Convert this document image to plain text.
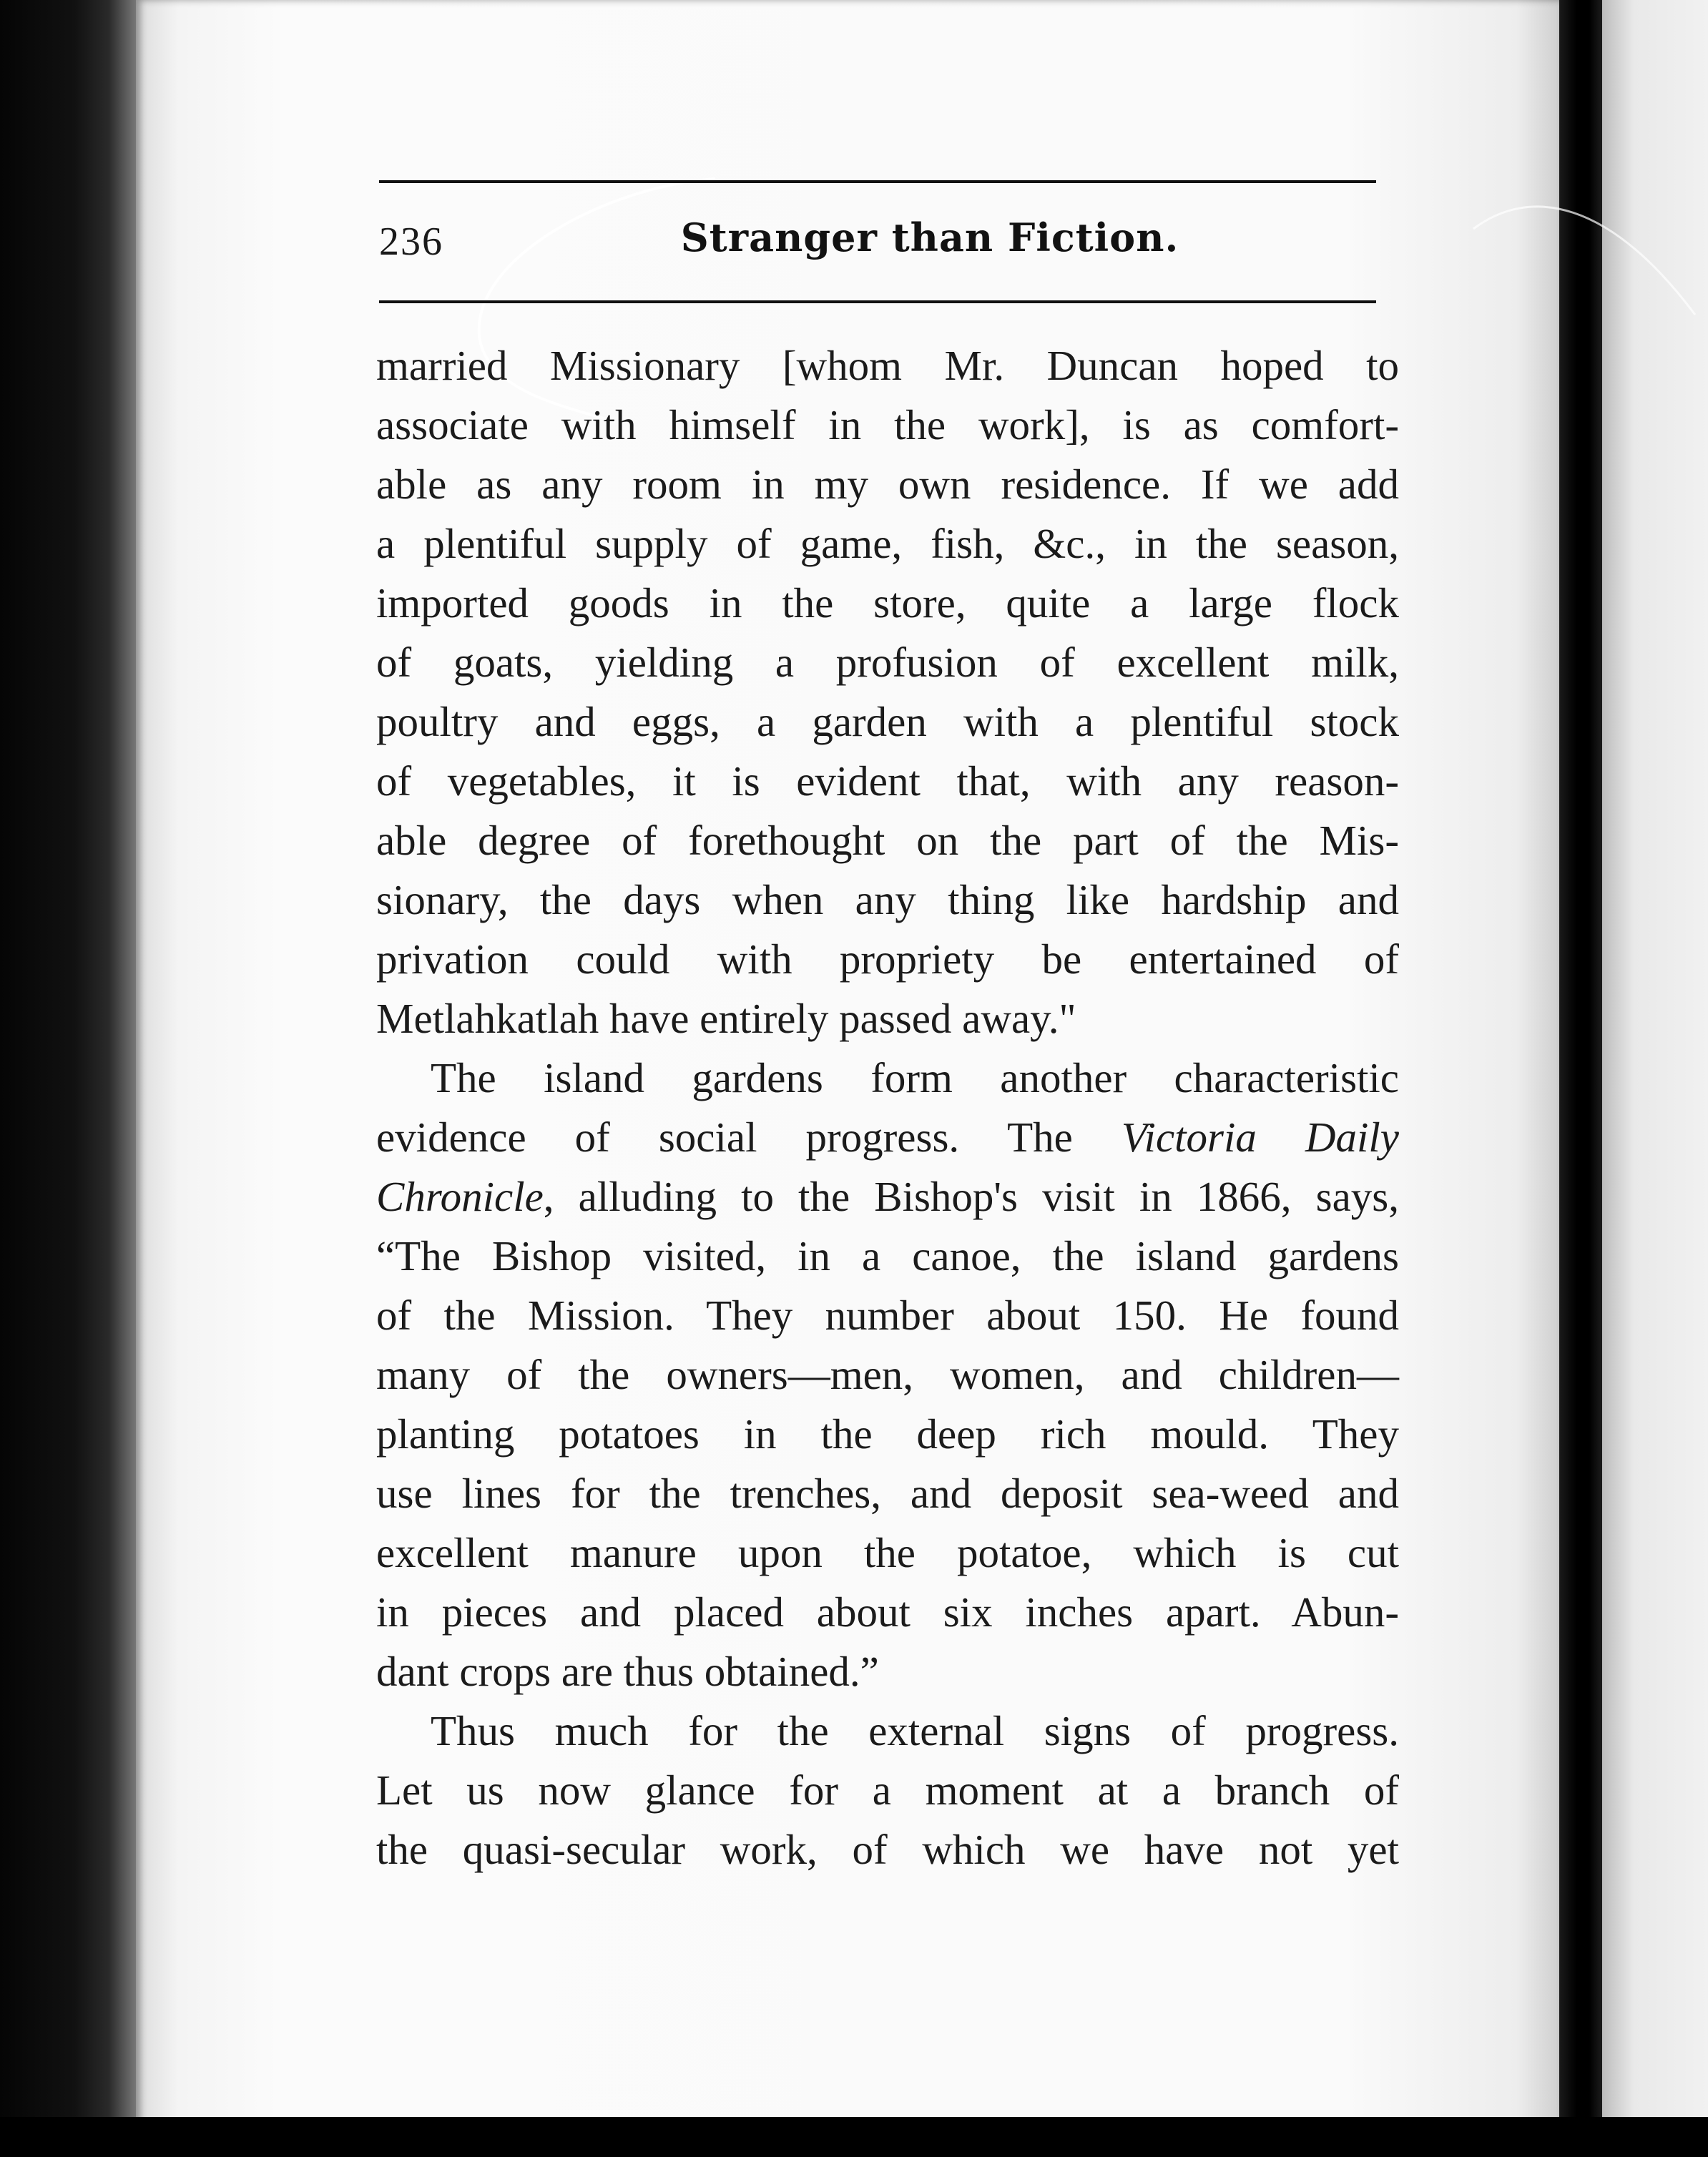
236	Stranger than Fiction.
married Missionary [whom Mr. Duncan hoped to
associate with himself in the work], is as comfort-
able as any room in my own residence. If we add
a plentiful supply of game, fish, &c., in the season,
imported goods in the store, quite a large flock
of goats, yielding a profusion of excellent milk,
poultry and eggs, a garden with a plentiful stock
of vegetables, it is evident that, with any reason-
able degree of forethought on the part of the Mis-
sionary, the days when any thing like hardship and
privation could with propriety be entertained of
Metlahkatlah have entirely passed away."
The island gardens form another characteristic
evidence of social progress. The Victoria Daily
Chronicle, alluding to the Bishop's visit in 1866, says,
“The Bishop visited, in a canoe, the island gardens
of the Mission. They number about 150. He found
many of the owners—men, women, and children—
planting potatoes in the deep rich mould. They
use lines for the trenches, and deposit sea-weed and
excellent manure upon the potatoe, which is cut
in pieces and placed about six inches apart. Abun-
dant crops are thus obtained.”
Thus much for the external signs of progress.
Let us now glance for a moment at a branch of
the quasi-secular work, of which we have not yet
